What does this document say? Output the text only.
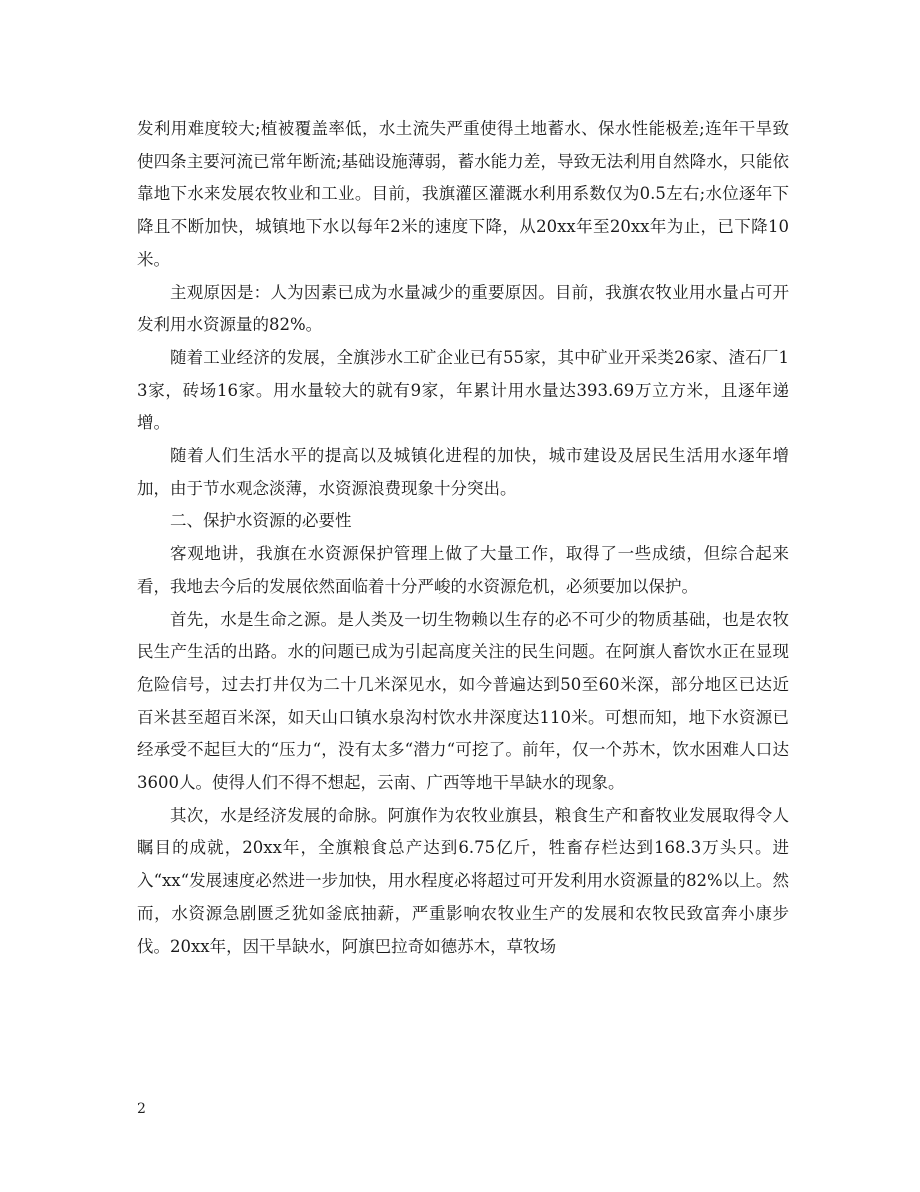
发利用难度较大;植被覆盖率低，水土流失严重使得土地蓄水、保水性能极差;连年干旱致使四条主要河流已常年断流;基础设施薄弱，蓄水能力差，导致无法利用自然降水，只能依靠地下水来发展农牧业和工业。目前，我旗灌区灌溉水利用系数仅为0.5左右;水位逐年下降且不断加快，城镇地下水以每年2米的速度下降，从20xx年至20xx年为止，已下降10米。

主观原因是：人为因素已成为水量减少的重要原因。目前，我旗农牧业用水量占可开发利用水资源量的82%。

随着工业经济的发展，全旗涉水工矿企业已有55家，其中矿业开采类26家、渣石厂13家，砖场16家。用水量较大的就有9家，年累计用水量达393.69万立方米，且逐年递增。

随着人们生活水平的提高以及城镇化进程的加快，城市建设及居民生活用水逐年增加，由于节水观念淡薄，水资源浪费现象十分突出。

二、保护水资源的必要性

客观地讲，我旗在水资源保护管理上做了大量工作，取得了一些成绩，但综合起来看，我地去今后的发展依然面临着十分严峻的水资源危机，必须要加以保护。

首先，水是生命之源。是人类及一切生物赖以生存的必不可少的物质基础，也是农牧民生产生活的出路。水的问题已成为引起高度关注的民生问题。在阿旗人畜饮水正在显现危险信号，过去打井仅为二十几米深见水，如今普遍达到50至60米深，部分地区已达近百米甚至超百米深，如天山口镇水泉沟村饮水井深度达110米。可想而知，地下水资源已经承受不起巨大的“压力“，没有太多“潜力“可挖了。前年，仅一个苏木，饮水困难人口达3600人。使得人们不得不想起，云南、广西等地干旱缺水的现象。

其次，水是经济发展的命脉。阿旗作为农牧业旗县，粮食生产和畜牧业发展取得令人瞩目的成就，20xx年，全旗粮食总产达到6.75亿斤，牲畜存栏达到168.3万头只。进入“xx“发展速度必然进一步加快，用水程度必将超过可开发利用水资源量的82%以上。然而，水资源急剧匮乏犹如釜底抽薪，严重影响农牧业生产的发展和农牧民致富奔小康步伐。20xx年，因干旱缺水，阿旗巴拉奇如德苏木，草牧场

2
